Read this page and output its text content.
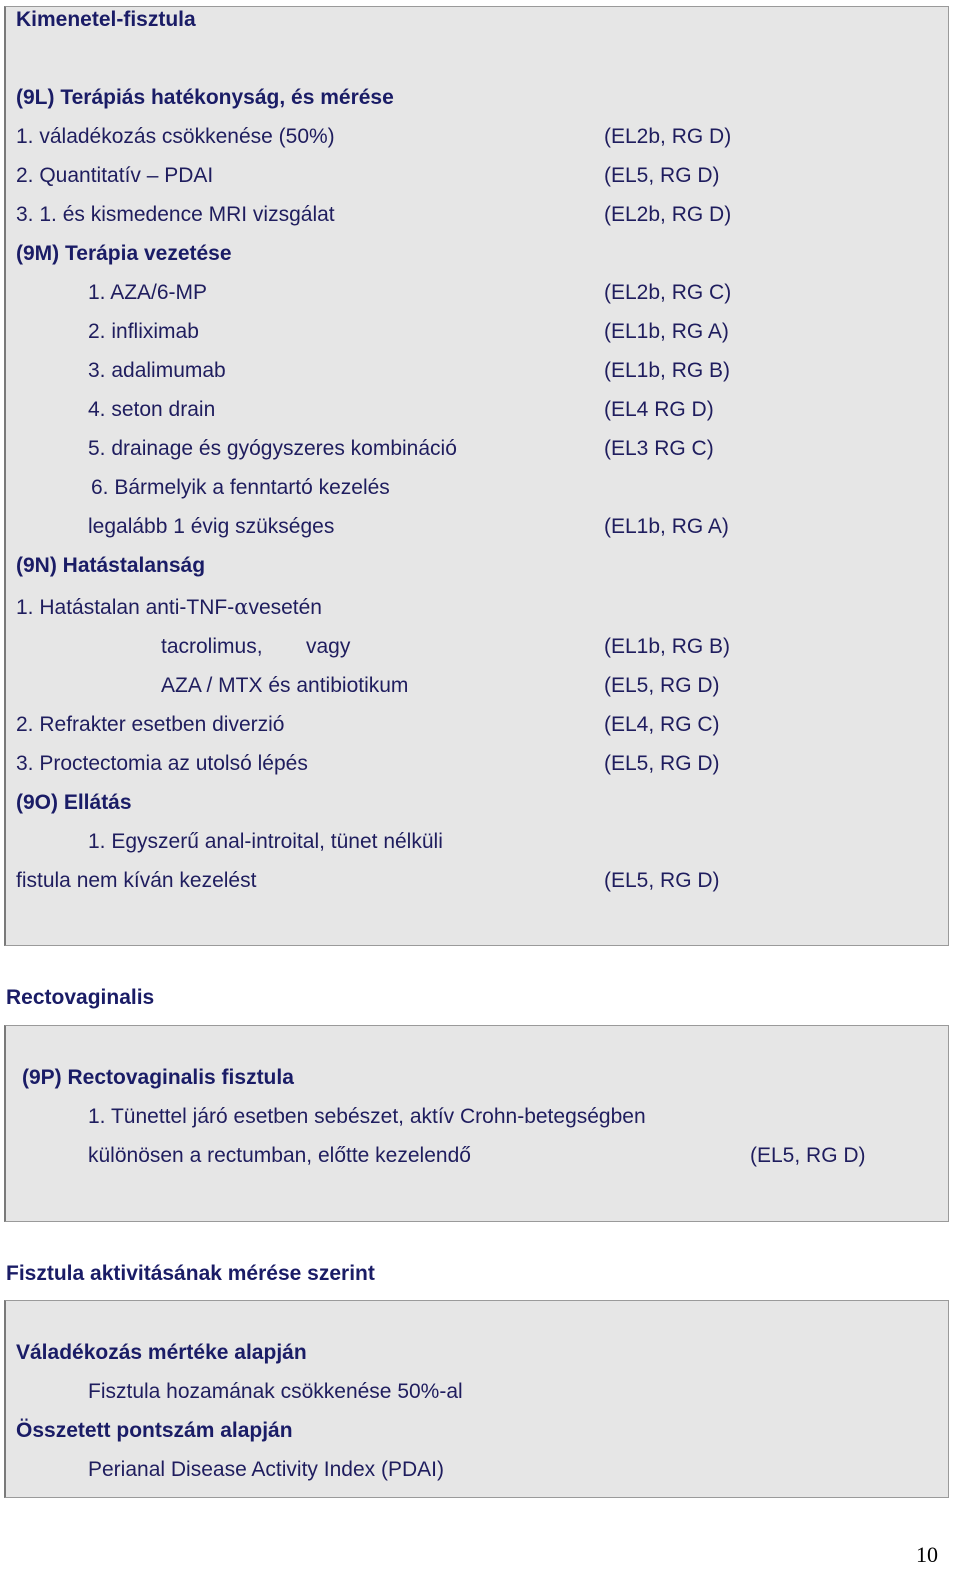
Kimenetel-fisztula
(9L) Terápiás hatékonyság, és mérése
1. váladékozás csökkenése (50%)	(EL2b, RG D)
2. Quantitatív – PDAI	(EL5, RG D)
3. 1. és kismedence MRI vizsgálat	(EL2b, RG D)
(9M) Terápia vezetése
1. AZA/6-MP	(EL2b, RG C)
2. infliximab	(EL1b, RG A)
3. adalimumab	(EL1b, RG B)
4. seton drain	(EL4 RG D)
5. drainage és gyógyszeres kombináció	(EL3 RG C)
6. Bármelyik a fenntartó kezelés
legalább 1 évig szükséges	(EL1b, RG A)
(9N) Hatástalanság
1. Hatástalan anti-TNF-αvesetén
tacrolimus, vagy	(EL1b, RG B)
AZA / MTX és antibiotikum	(EL5, RG D)
2. Refrakter esetben diverzió	(EL4, RG C)
3. Proctectomia az utolsó lépés	(EL5, RG D)
(9O) Ellátás
1. Egyszerű anal-introital, tünet nélküli
fistula nem kíván kezelést	(EL5, RG D)
Rectovaginalis
(9P) Rectovaginalis fisztula
1. Tünettel járó esetben sebészet, aktív Crohn-betegségben
különösen a rectumban, előtte kezelendő	(EL5, RG D)
Fisztula aktivitásának mérése szerint
Váladékozás mértéke alapján
Fisztula hozamának csökkenése 50%-al
Összetett pontszám alapján
Perianal Disease Activity Index (PDAI)
10
